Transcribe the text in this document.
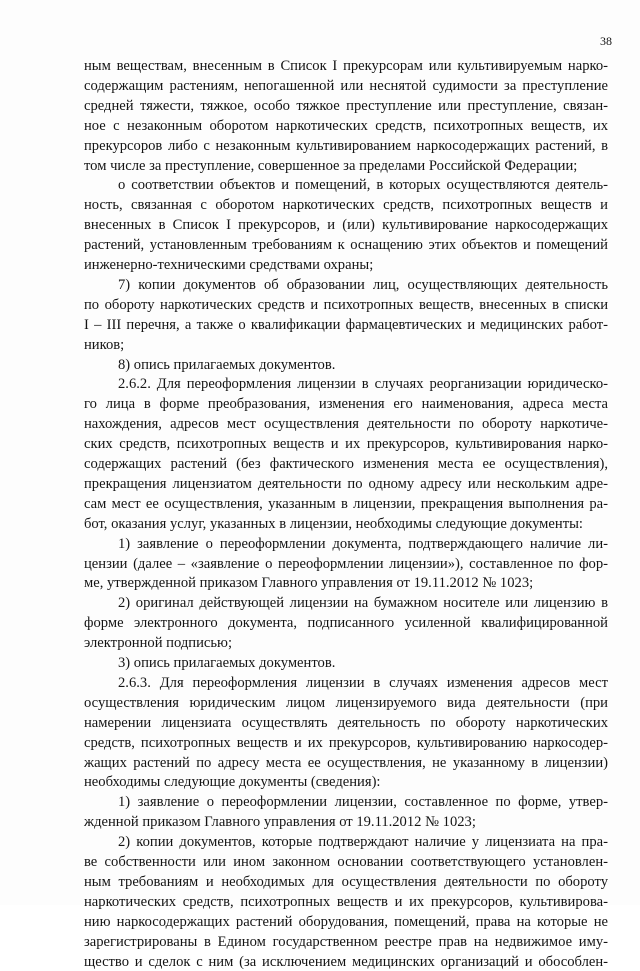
38
ным веществам, внесенным в Список I прекурсорам или культивируемым нарко-
содержащим растениям, непогашенной или неснятой судимости за преступление
средней тяжести, тяжкое, особо тяжкое преступление или преступление, связан-
ное с незаконным оборотом наркотических средств, психотропных веществ, их
прекурсоров либо с незаконным культивированием наркосодержащих растений, в
том числе за преступление, совершенное за пределами Российской Федерации;
о соответствии объектов и помещений, в которых осуществляются деятель-
ность, связанная с оборотом наркотических средств, психотропных веществ и
внесенных в Список I прекурсоров, и (или) культивирование наркосодержащих
растений, установленным требованиям к оснащению этих объектов и помещений
инженерно-техническими средствами охраны;
7) копии документов об образовании лиц, осуществляющих деятельность
по обороту наркотических средств и психотропных веществ, внесенных в списки
I – III перечня, а также о квалификации фармацевтических и медицинских работ-
ников;
8) опись прилагаемых документов.
2.6.2. Для переоформления лицензии в случаях реорганизации юридическо-
го лица в форме преобразования, изменения его наименования, адреса места
нахождения, адресов мест осуществления деятельности по обороту наркотиче-
ских средств, психотропных веществ и их прекурсоров, культивирования нарко-
содержащих растений (без фактического изменения места ее осуществления),
прекращения лицензиатом деятельности по одному адресу или нескольким адре-
сам мест ее осуществления, указанным в лицензии, прекращения выполнения ра-
бот, оказания услуг, указанных в лицензии, необходимы следующие документы:
1) заявление о переоформлении документа, подтверждающего наличие ли-
цензии (далее – «заявление о переоформлении лицензии»), составленное по фор-
ме, утвержденной приказом Главного управления от 19.11.2012 № 1023;
2) оригинал действующей лицензии на бумажном носителе или лицензию в
форме электронного документа, подписанного усиленной квалифицированной
электронной подписью;
3) опись прилагаемых документов.
2.6.3. Для переоформления лицензии в случаях изменения адресов мест
осуществления юридическим лицом лицензируемого вида деятельности (при
намерении лицензиата осуществлять деятельность по обороту наркотических
средств, психотропных веществ и их прекурсоров, культивированию наркосодер-
жащих растений по адресу места ее осуществления, не указанному в лицензии)
необходимы следующие документы (сведения):
1) заявление о переоформлении лицензии, составленное по форме, утвер-
жденной приказом Главного управления от 19.11.2012 № 1023;
2) копии документов, которые подтверждают наличие у лицензиата на пра-
ве собственности или ином законном основании соответствующего установлен-
ным требованиям и необходимых для осуществления деятельности по обороту
наркотических средств, психотропных веществ и их прекурсоров, культивирова-
нию наркосодержащих растений оборудования, помещений, права на которые не
зарегистрированы в Едином государственном реестре прав на недвижимое иму-
щество и сделок с ним (за исключением медицинских организаций и обособлен-
